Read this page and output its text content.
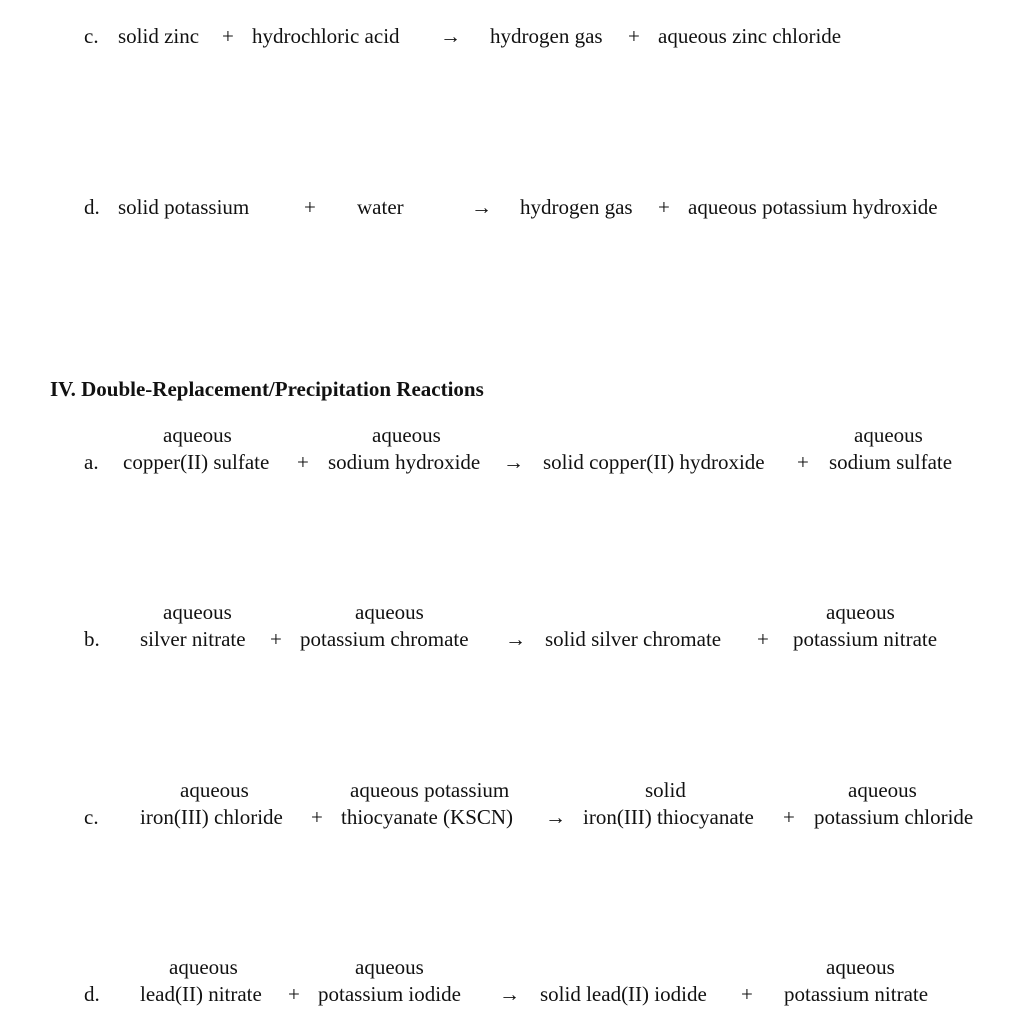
c. solid zinc + hydrochloric acid → hydrogen gas + aqueous zinc chloride
d. solid potassium	+ water	→ hydrogen gas + aqueous potassium hydroxide
IV. Double-Replacement/Precipitation Reactions
aqueous	aqueous	aqueous
a. copper(II) sulfate + sodium hydroxide → solid copper(II) hydroxide + sodium sulfate
aqueous	aqueous	aqueous
b. silver nitrate + potassium chromate → solid silver chromate + potassium nitrate
aqueous	aqueous potassium	solid	aqueous
c. iron(III) chloride + thiocyanate (KSCN) → iron(III) thiocyanate + potassium chloride
aqueous	aqueous	aqueous
d. lead(II) nitrate + potassium iodide → solid lead(II) iodide + potassium nitrate
